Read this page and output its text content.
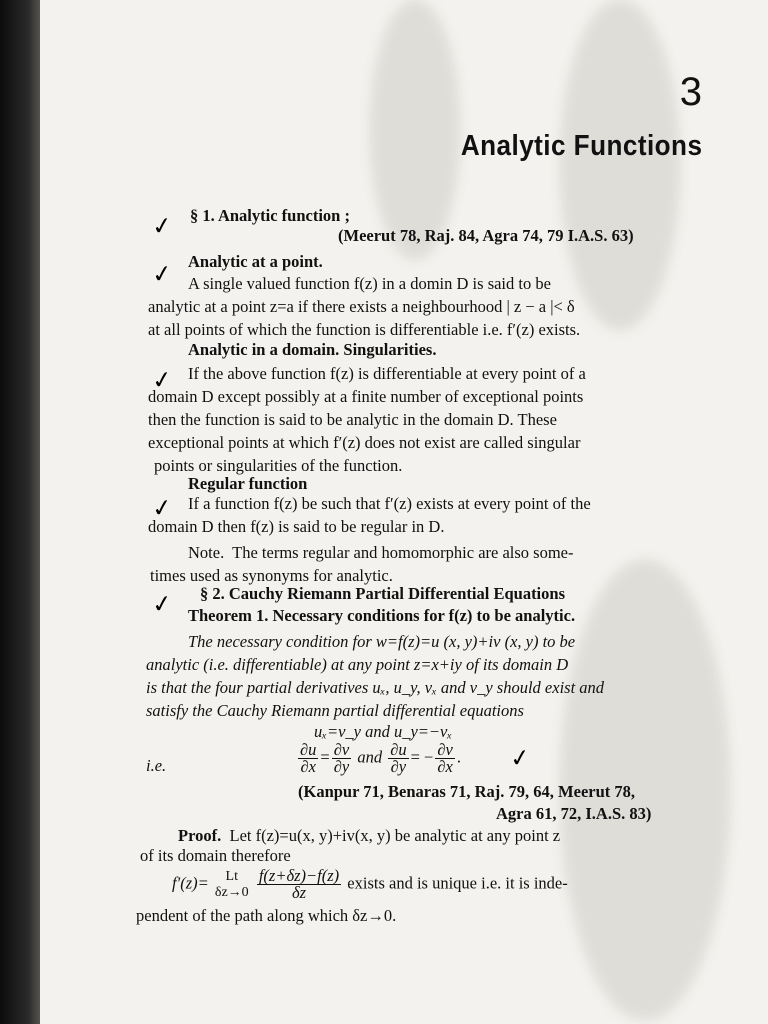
3
Analytic Functions
✓ § 1. Analytic function ;
(Meerut 78, Raj. 84, Agra 74, 79 I.A.S. 63)
✓ Analytic at a point.
A single valued function f(z) in a domin D is said to be
analytic at a point z=a if there exists a neighbourhood | z − a |< δ
at all points of which the function is differentiable i.e. f′(z) exists.
✓
Analytic in a domain. Singularities.
If the above function f(z) is differentiable at every point of a
domain D except possibly at a finite number of exceptional points
then the function is said to be analytic in the domain D. These
exceptional points at which f′(z) does not exist are called singular
points or singularities of the function.
✓
Regular function
If a function f(z) be such that f′(z) exists at every point of the
domain D then f(z) is said to be regular in D.
Note. The terms regular and homomorphic are also some-
times used as synonyms for analytic.
✓ § 2. Cauchy Riemann Partial Differential Equations
Theorem 1. Necessary conditions for f(z) to be analytic.
The necessary condition for w=f(z)=u (x, y)+iv (x, y) to be
analytic (i.e. differentiable) at any point z=x+iy of its domain D
is that the four partial derivatives uₓ, u_y, vₓ and v_y should exist and
satisfy the Cauchy Riemann partial differential equations
uₓ=v_y and u_y=−vₓ
i.e.	$\frac{\partial u}{\partial x} = \frac{\partial v}{\partial y}$ and $\frac{\partial u}{\partial y}$ = − $\frac{\partial v}{\partial x}$ . ✓
(Kanpur 71, Benaras 71, Raj. 79, 64, Meerut 78,
Agra 61, 72, I.A.S. 83)
Proof. Let f(z)=u(x, y)+iv(x, y) be analytic at any point z
of its domain therefore
f′(z)=	Lt
δz→0
$\frac{f(z+\delta z)-f(z)}{\delta z}$ exists and is unique i.e. it is inde-
pendent of the path along which δz→0.
